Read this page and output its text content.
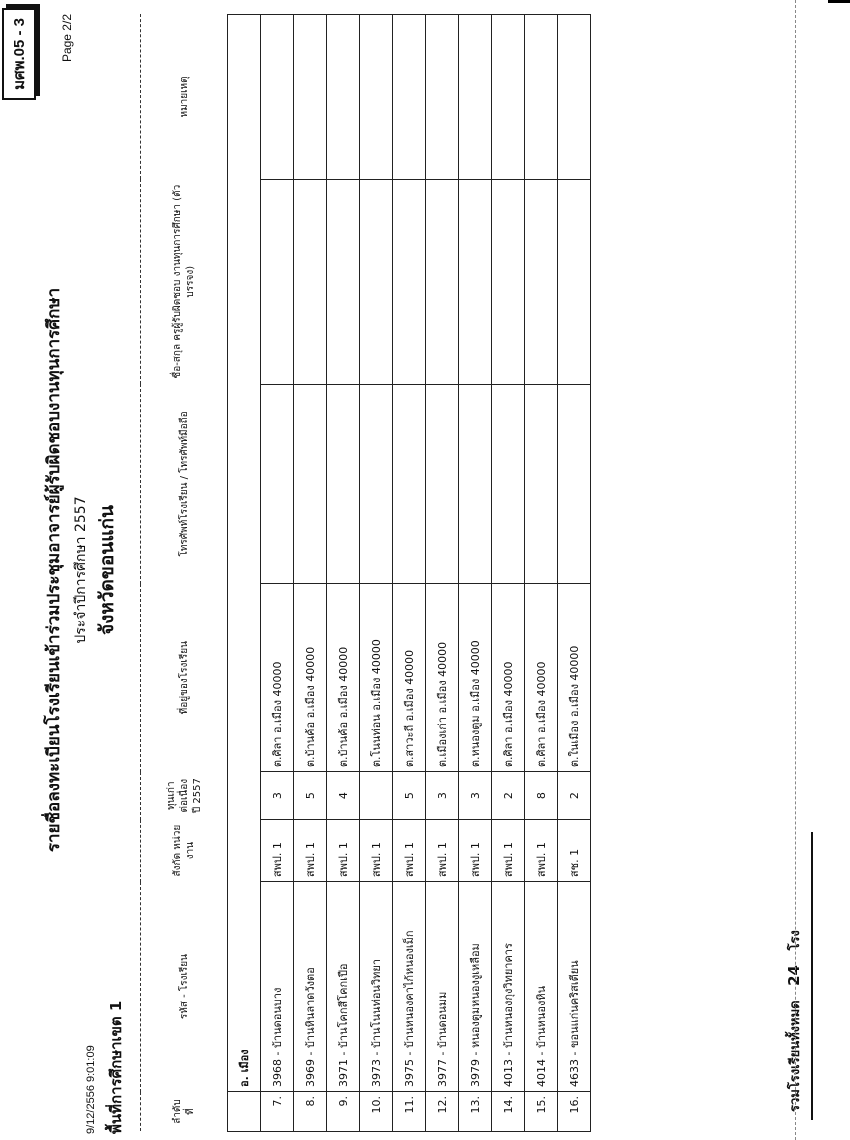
มศพ.05 - 3	Page 2/2
รายชื่อลงทะเบียนโรงเรียนเข้าร่วมประชุมอาจารย์ผู้รับผิดชอบงานทุนการศึกษา ประจำปีการศึกษา 2557 จังหวัดขอนแก่น
9/12/2556 9:01:09 พื้นที่การศึกษาเขต 1	ลำดับ ที่	รหัส - โรงเรียน	สังกัด หน่วยงาน	ทุนเก่า ต่อเนื่อง ปี 2557	ที่อยู่ของโรงเรียน	โทรศัพท์โรงเรียน / โทรศัพท์มือถือ	ชื่อ-สกุล ครูผู้รับผิดชอบ งานทุนการศึกษา (ตัวบรรจง)	หมายเหตุ
	อ. เมือง						
7.	3968 - บ้านดอนบาง	สพป. 1	3	ต.ศิลา อ.เมือง 40000			
8.	3969 - บ้านหินลาดวังตอ	สพป. 1	5	ต.บ้านค้อ อ.เมือง 40000			
9.	3971 - บ้านโคกสีโคกเปือ	สพป. 1	4	ต.บ้านค้อ อ.เมือง 40000			
10.	3973 - บ้านโนนท่อนวิทยา	สพป. 1		ต.โนนท่อน อ.เมือง 40000			
11.	3975 - บ้านหนองคาไก้หนองเม็ก	สพป. 1	5	ต.สาวะถี อ.เมือง 40000			
12.	3977 - บ้านดอนมม	สพป. 1	3	ต.เมืองเก่า อ.เมือง 40000			
13.	3979 - หนองตูมหนองงูเหลือม	สพป. 1	3	ต.หนองตูม อ.เมือง 40000			
14.	4013 - บ้านหนองกุงวิทยาคาร	สพป. 1	2	ต.ศิลา อ.เมือง 40000			
15.	4014 - บ้านหนองหิน	สพป. 1	8	ต.ศิลา อ.เมือง 40000			
16.	4633 - ขอนแก่นคริสเตียน	สช. 1	2	ต.ในเมือง อ.เมือง 40000			
รวมโรงเรียนทั้งหมด 24 โรง
